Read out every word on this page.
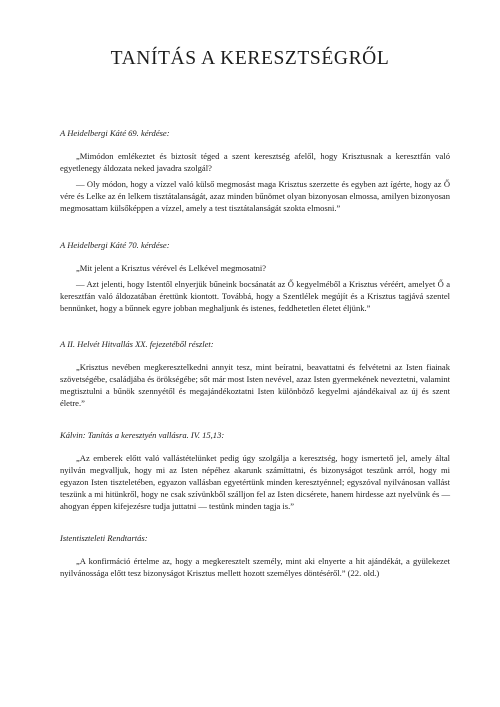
TANÍTÁS A KERESZTSÉGRŐL

A Heidelbergi Káté 69. kérdése:

„Mimódon emlékeztet és biztosít téged a szent keresztség afelől, hogy Krisztusnak a keresztfán való egyetlenegy áldozata neked javadra szolgál?

— Oly módon, hogy a vízzel való külső megmosást maga Krisztus szerzette és egyben azt ígérte, hogy az Ő vére és Lelke az én lelkem tisztátalanságát, azaz minden bűnömet olyan bizonyosan elmossa, amilyen bizonyosan megmosattam külsőképpen a vízzel, amely a test tisztátalanságát szokta elmosni.”

A Heidelbergi Káté 70. kérdése:

„Mit jelent a Krisztus vérével és Lelkével megmosatni?

— Azt jelenti, hogy Istentől elnyerjük bűneink bocsánatát az Ő kegyelméből a Krisztus véréért, amelyet Ő a keresztfán való áldozatában érettünk kiontott. Továbbá, hogy a Szentlélek megújít és a Krisztus tagjává szentel bennünket, hogy a bűnnek egyre jobban meghaljunk és istenes, feddhetetlen életet éljünk.”

A II. Helvét Hitvallás XX. fejezetéből részlet:

„Krisztus nevében megkeresztelkedni annyit tesz, mint beíratni, beavattatni és felvétetni az Isten fiainak szövetségébe, családjába és örökségébe; sőt már most Isten nevével, azaz Isten gyermekének neveztetni, valamint megtisztulni a bűnök szennyétől és megajándékoztatni Isten különböző kegyelmi ajándékaival az új és szent életre.”

Kálvin: Tanítás a keresztyén vallásra. IV. 15,13:

„Az emberek előtt való vallástételünket pedig úgy szolgálja a keresztség, hogy ismertető jel, amely által nyilván megvalljuk, hogy mi az Isten népéhez akarunk számíttatni, és bizonyságot teszünk arról, hogy mi egyazon Isten tiszteletében, egyazon vallásban egyetértünk minden keresztyénnel; egyszóval nyilvánosan vallást teszünk a mi hitünkről, hogy ne csak szívünkből szálljon fel az Isten dicsérete, hanem hirdesse azt nyelvünk és — ahogyan éppen kifejezésre tudja juttatni — testünk minden tagja is.”

Istentiszteleti Rendtartás:

„A konfirmáció értelme az, hogy a megkeresztelt személy, mint aki elnyerte a hit ajándékát, a gyülekezet nyilvánossága előtt tesz bizonyságot Krisztus mellett hozott személyes döntéséről.” (22. old.)
